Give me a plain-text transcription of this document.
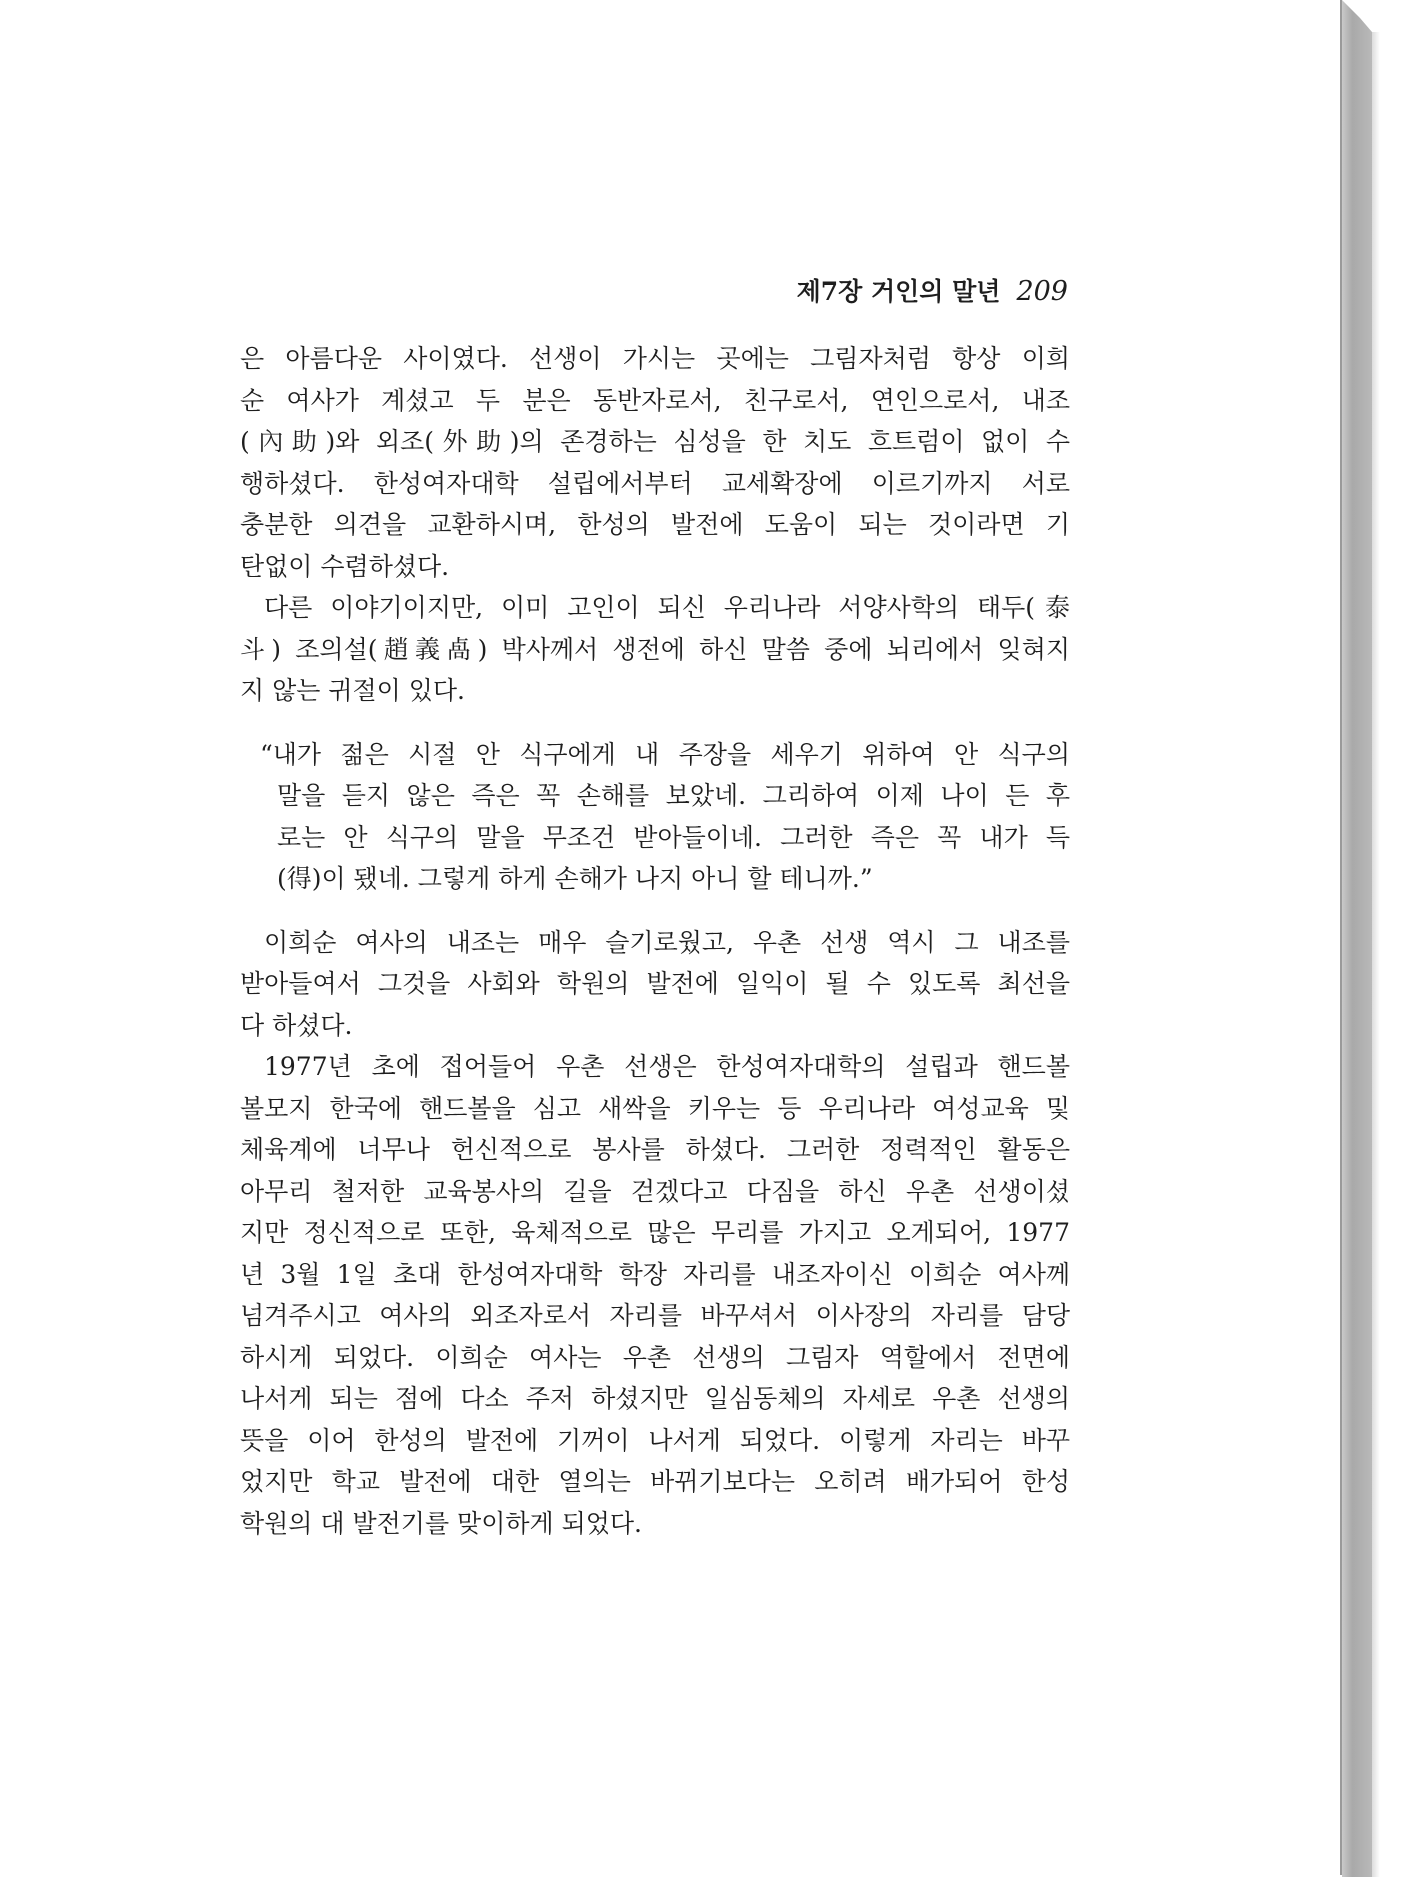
제7장 거인의 말년 209
은 아름다운 사이였다. 선생이 가시는 곳에는 그림자처럼 항상 이희
순 여사가 계셨고 두 분은 동반자로서, 친구로서, 연인으로서, 내조
(內助)와 외조(外助)의 존경하는 심성을 한 치도 흐트럼이 없이 수
행하셨다. 한성여자대학 설립에서부터 교세확장에 이르기까지 서로
충분한 의견을 교환하시며, 한성의 발전에 도움이 되는 것이라면 기
탄없이 수렴하셨다.
다른 이야기이지만, 이미 고인이 되신 우리나라 서양사학의 태두(泰
斗) 조의설(趙義卨) 박사께서 생전에 하신 말씀 중에 뇌리에서 잊혀지
지 않는 귀절이 있다.
“내가 젊은 시절 안 식구에게 내 주장을 세우기 위하여 안 식구의
말을 듣지 않은 즉은 꼭 손해를 보았네. 그리하여 이제 나이 든 후
로는 안 식구의 말을 무조건 받아들이네. 그러한 즉은 꼭 내가 득
(得)이 됐네. 그렇게 하게 손해가 나지 아니 할 테니까.”
이희순 여사의 내조는 매우 슬기로웠고, 우촌 선생 역시 그 내조를
받아들여서 그것을 사회와 학원의 발전에 일익이 될 수 있도록 최선을
다 하셨다.
1977년 초에 접어들어 우촌 선생은 한성여자대학의 설립과 핸드볼
볼모지 한국에 핸드볼을 심고 새싹을 키우는 등 우리나라 여성교육 및
체육계에 너무나 헌신적으로 봉사를 하셨다. 그러한 정력적인 활동은
아무리 철저한 교육봉사의 길을 걷겠다고 다짐을 하신 우촌 선생이셨
지만 정신적으로 또한, 육체적으로 많은 무리를 가지고 오게되어, 1977
년 3월 1일 초대 한성여자대학 학장 자리를 내조자이신 이희순 여사께
넘겨주시고 여사의 외조자로서 자리를 바꾸셔서 이사장의 자리를 담당
하시게 되었다. 이희순 여사는 우촌 선생의 그림자 역할에서 전면에
나서게 되는 점에 다소 주저 하셨지만 일심동체의 자세로 우촌 선생의
뜻을 이어 한성의 발전에 기꺼이 나서게 되었다. 이렇게 자리는 바꾸
었지만 학교 발전에 대한 열의는 바뀌기보다는 오히려 배가되어 한성
학원의 대 발전기를 맞이하게 되었다.
